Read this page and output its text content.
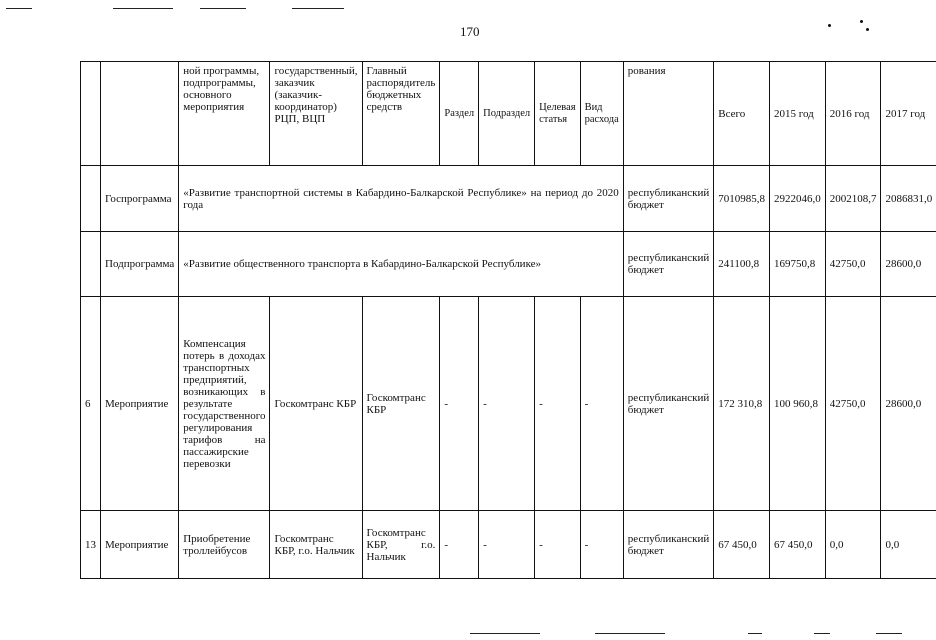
170
		ной программы, подпрограммы, основного мероприятия	государственный, заказчик (заказчик-координатор) РЦП, ВЦП	Главный распорядитель бюджетных средств	Раздел	Подраздел	Целевая статья	Вид расхода	рования	Всего	2015 год	2016 год	2017 год
	Госпрограмма	«Развитие транспортной системы в Кабардино-Балкарской Республике» на период до 2020 года							республиканский бюджет	7010985,8	2922046,0	2002108,7	2086831,0
	Подпрограмма	«Развитие общественного транспорта в Кабардино-Балкарской Республике»							республиканский бюджет	241100,8	169750,8	42750,0	28600,0
6	Мероприятие	Компенсация потерь в доходах транспортных предприятий, возникающих в результате государственного регулирования тарифов на пассажирские перевозки	Госкомтранс КБР	Госкомтранс КБР	-	-	-	-	республиканский бюджет	172 310,8	100 960,8	42750,0	28600,0
13	Мероприятие	Приобретение троллейбусов	Госкомтранс КБР, г.о. Нальчик	Госкомтранс КБР, г.о. Нальчик	-	-	-	-	республиканский бюджет	67 450,0	67 450,0	0,0	0,0
